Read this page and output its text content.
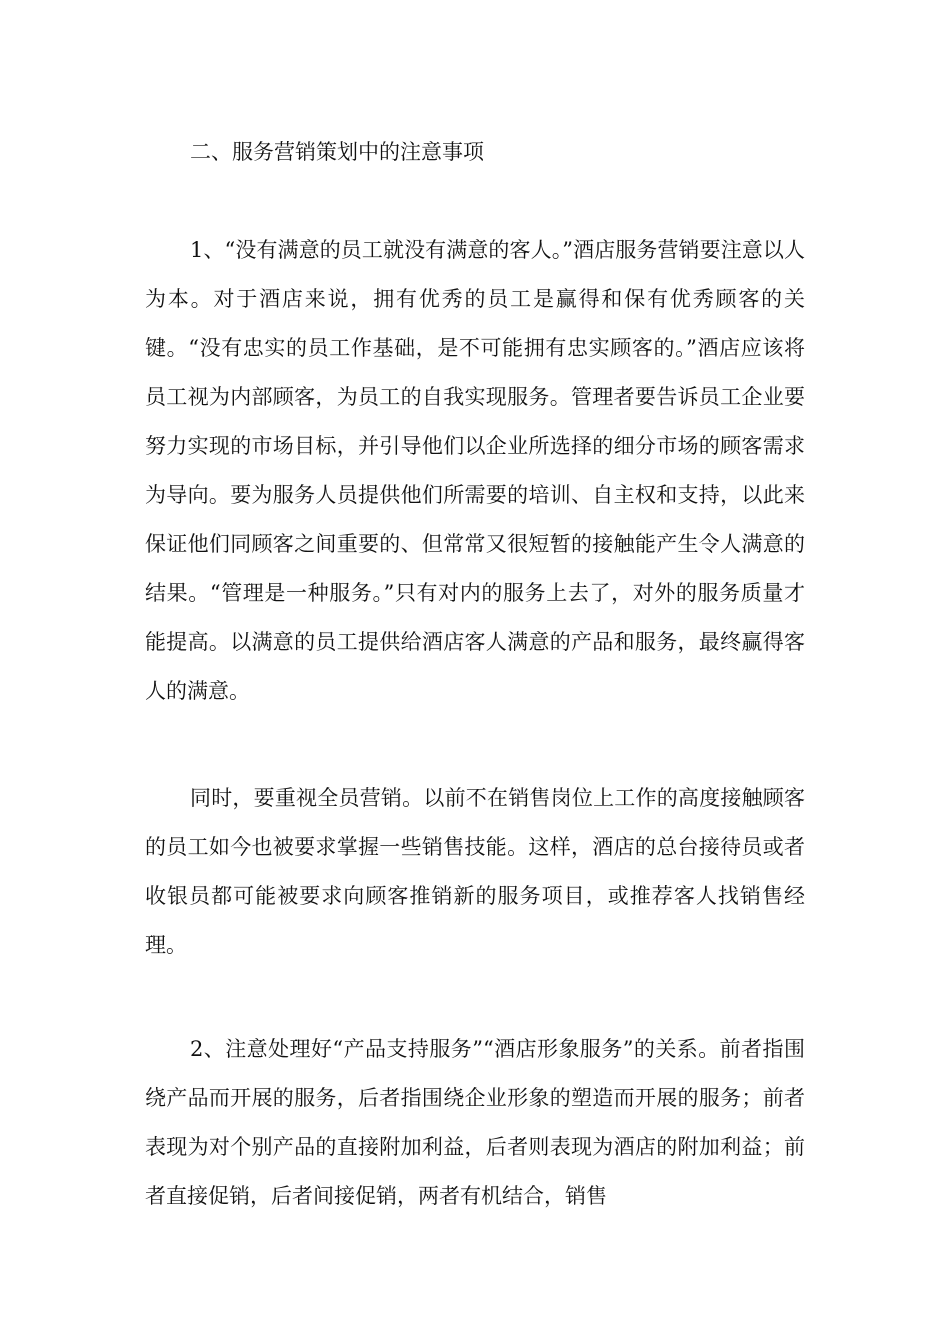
二、服务营销策划中的注意事项

1、“没有满意的员工就没有满意的客人。”酒店服务营销要注意以人为本。对于酒店来说，拥有优秀的员工是赢得和保有优秀顾客的关键。“没有忠实的员工作基础，是不可能拥有忠实顾客的。”酒店应该将员工视为内部顾客，为员工的自我实现服务。管理者要告诉员工企业要努力实现的市场目标，并引导他们以企业所选择的细分市场的顾客需求为导向。要为服务人员提供他们所需要的培训、自主权和支持，以此来保证他们同顾客之间重要的、但常常又很短暂的接触能产生令人满意的结果。“管理是一种服务。”只有对内的服务上去了，对外的服务质量才能提高。以满意的员工提供给酒店客人满意的产品和服务，最终赢得客人的满意。

同时，要重视全员营销。以前不在销售岗位上工作的高度接触顾客的员工如今也被要求掌握一些销售技能。这样，酒店的总台接待员或者收银员都可能被要求向顾客推销新的服务项目，或推荐客人找销售经理。

2、注意处理好“产品支持服务”“酒店形象服务”的关系。前者指围绕产品而开展的服务，后者指围绕企业形象的塑造而开展的服务；前者表现为对个别产品的直接附加利益，后者则表现为酒店的附加利益；前者直接促销，后者间接促销，两者有机结合，销售
